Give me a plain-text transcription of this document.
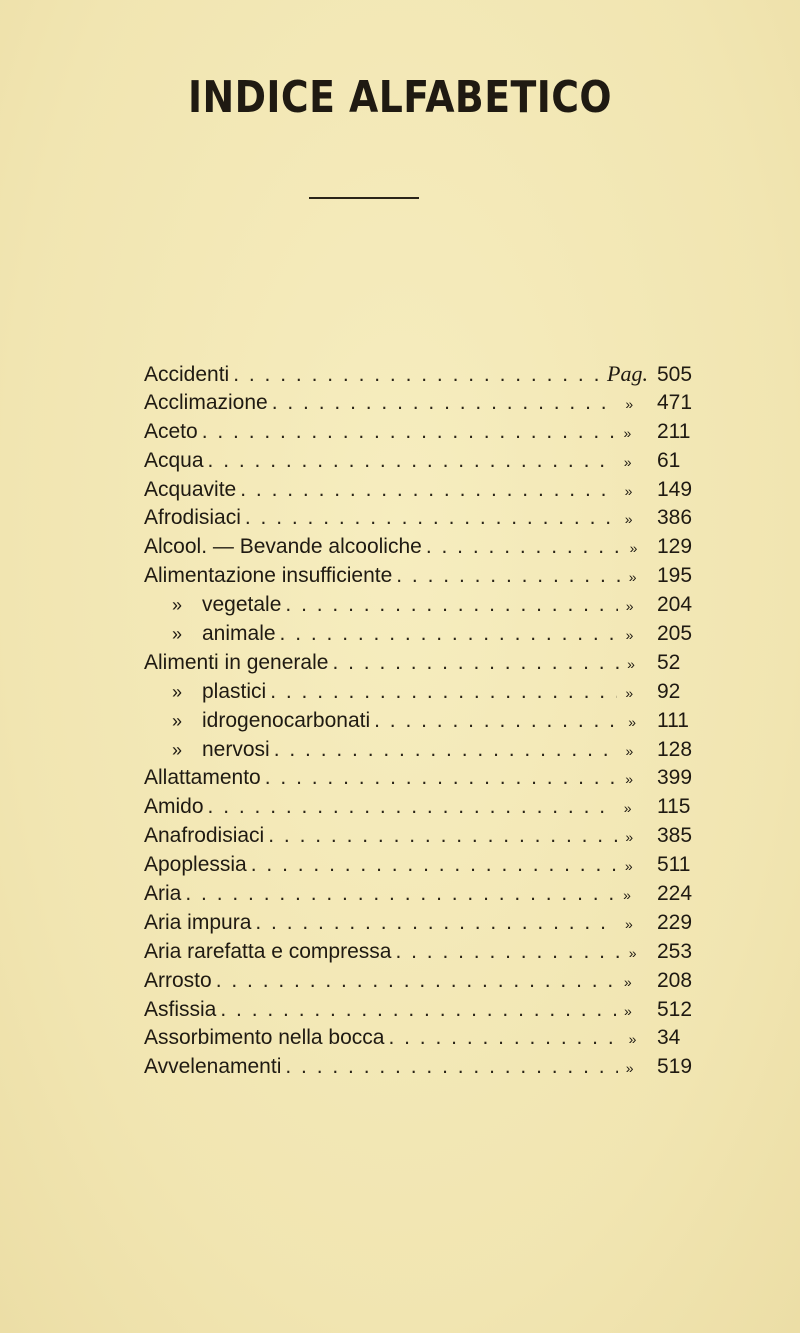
INDICE ALFABETICO
Accidenti . . .	Pag. 505
Acclimazione . . .	»	471
Aceto . . .	»	211
Acqua . . .	»	61
Acquavite . . .	»	149
Afrodisiaci . . .	»	386
Alcool. — Bevande alcooliche . . .	» 129
Alimentazione insufficiente . . .	» 195
» vegetale . . .	»	204
» animale . . .	»	205
Alimenti in generale . . .	»	52
» plastici . . .	»	92
» idrogenocarbonati . . .	»	111
» nervosi . . .	»	128
Allattamento . . .	»	399
Amido . . .	»	115
Anafrodisiaci . . .	»	385
Apoplessia . . .	»	511
Aria . . .	»	224
Aria impura . . .	»	229
Aria rarefatta e compressa . . .	» 253
Arrosto . . .	»	208
Asfissia . . .	»	512
Assorbimento nella bocca . . .	» 34
Avvelenamenti . . .	»	519
